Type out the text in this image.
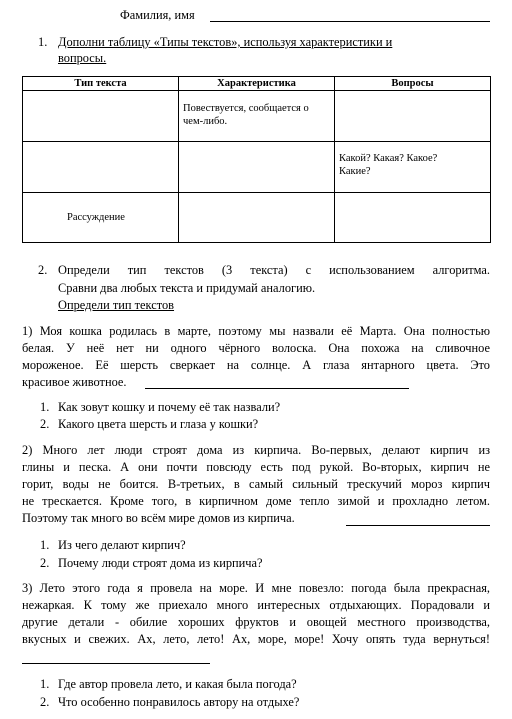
Фамилия, имя
1. Дополни таблицу «Типы текстов», используя характеристики и
вопросы.
Тип текста	Характеристика	Вопросы

	Повествуется, сообщается о
чем-либо.	

		Какой? Какая? Какое?
Какие?

Рассуждение		

2. Определи тип текстов (3 текста) с использованием алгоритма.
Сравни два любых текста и придумай аналогию.
Определи тип текстов
1) Моя кошка родилась в марте, поэтому мы назвали её Марта. Она полностью
белая. У неё нет ни одного чёрного волоска. Она похожа на сливочное
мороженое. Её шерсть сверкает на солнце. А глаза янтарного цвета. Это
красивое животное.
1. Как зовут кошку и почему её так назвали?
2. Какого цвета шерсть и глаза у кошки?
2) Много лет люди строят дома из кирпича. Во-первых, делают кирпич из
глины и песка. А они почти повсюду есть под рукой. Во-вторых, кирпич не
горит, воды не боится. В-третьих, в самый сильный трескучий мороз кирпич
не трескается. Кроме того, в кирпичном доме тепло зимой и прохладно летом.
Поэтому так много во всём мире домов из кирпича.
1. Из чего делают кирпич?
2. Почему люди строят дома из кирпича?
3) Лето этого года я провела на море. И мне повезло: погода была прекрасная,
нежаркая. К тому же приехало много интересных отдыхающих. Порадовали и
другие детали - обилие хороших фруктов и овощей местного производства,
вкусных и свежих. Ах, лето, лето! Ах, море, море! Хочу опять туда вернуться!
1. Где автор провела лето, и какая была погода?
2. Что особенно понравилось автору на отдыхе?
